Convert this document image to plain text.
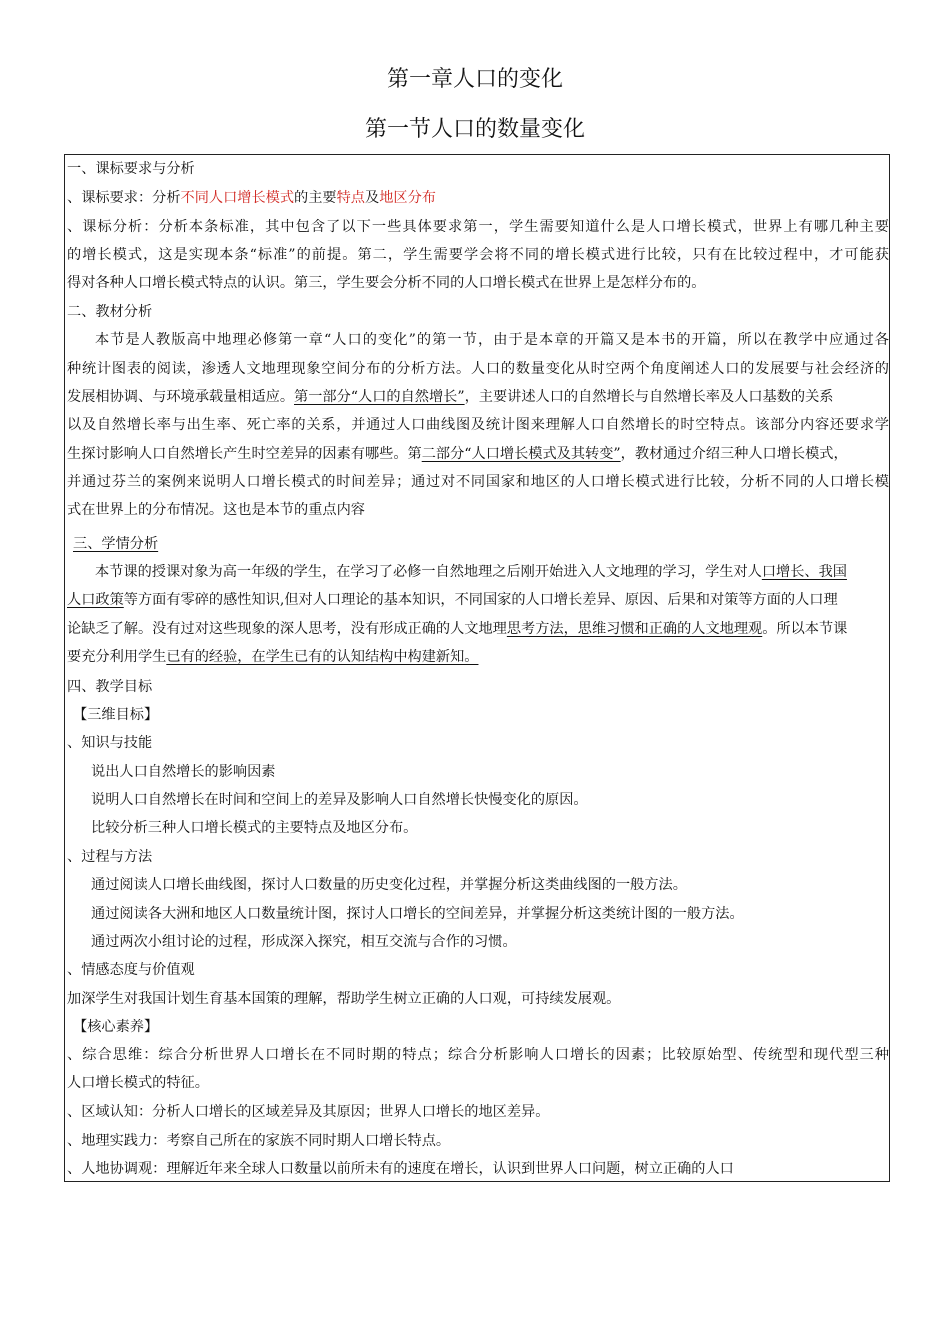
第一章人口的变化
第一节人口的数量变化
一、课标要求与分析
、课标要求：分析不同人口增长模式的主要特点及地区分布
、课标分析：分析本条标准，其中包含了以下一些具体要求第一，学生需要知道什么是人口增长模式，世界上有哪几种主要
的增长模式，这是实现本条“标准”的前提。第二，学生需要学会将不同的增长模式进行比较，只有在比较过程中，才可能获
得对各种人口增长模式特点的认识。第三，学生要会分析不同的人口增长模式在世界上是怎样分布的。
二、教材分析
本节是人教版高中地理必修第一章“人口的变化”的第一节，由于是本章的开篇又是本书的开篇，所以在教学中应通过各
种统计图表的阅读，渗透人文地理现象空间分布的分析方法。人口的数量变化从时空两个角度阐述人口的发展要与社会经济的
发展相协调、与环境承载量相适应。第一部分“人口的自然增长”，主要讲述人口的自然增长与自然增长率及人口基数的关系
以及自然增长率与出生率、死亡率的关系，并通过人口曲线图及统计图来理解人口自然增长的时空特点。该部分内容还要求学
生探讨影响人口自然增长产生时空差异的因素有哪些。第二部分“人口增长模式及其转变”，教材通过介绍三种人口增长模式，
并通过芬兰的案例来说明人口增长模式的时间差异；通过对不同国家和地区的人口增长模式进行比较，分析不同的人口增长模
式在世界上的分布情况。这也是本节的重点内容
三、学情分析
本节课的授课对象为高一年级的学生，在学习了必修一自然地理之后刚开始进入人文地理的学习，学生对人口增长、我国
人口政策等方面有零碎的感性知识,但对人口理论的基本知识，不同国家的人口增长差异、原因、后果和对策等方面的人口理
论缺乏了解。没有过对这些现象的深人思考，没有形成正确的人文地理思考方法，思维习惯和正确的人文地理观。所以本节课
要充分利用学生已有的经验，在学生已有的认知结构中构建新知。
四、教学目标
【三维目标】
、知识与技能
说出人口自然增长的影响因素
说明人口自然增长在时间和空间上的差异及影响人口自然增长快慢变化的原因。
比较分析三种人口增长模式的主要特点及地区分布。
、过程与方法
通过阅读人口增长曲线图，探讨人口数量的历史变化过程，并掌握分析这类曲线图的一般方法。
通过阅读各大洲和地区人口数量统计图，探讨人口增长的空间差异，并掌握分析这类统计图的一般方法。
通过两次小组讨论的过程，形成深入探究，相互交流与合作的习惯。
、情感态度与价值观
加深学生对我国计划生育基本国策的理解，帮助学生树立正确的人口观，可持续发展观。
【核心素养】
、综合思维：综合分析世界人口增长在不同时期的特点；综合分析影响人口增长的因素；比较原始型、传统型和现代型三种
人口增长模式的特征。
、区域认知：分析人口增长的区域差异及其原因；世界人口增长的地区差异。
、地理实践力：考察自己所在的家族不同时期人口增长特点。
、人地协调观：理解近年来全球人口数量以前所未有的速度在增长，认识到世界人口问题，树立正确的人口
